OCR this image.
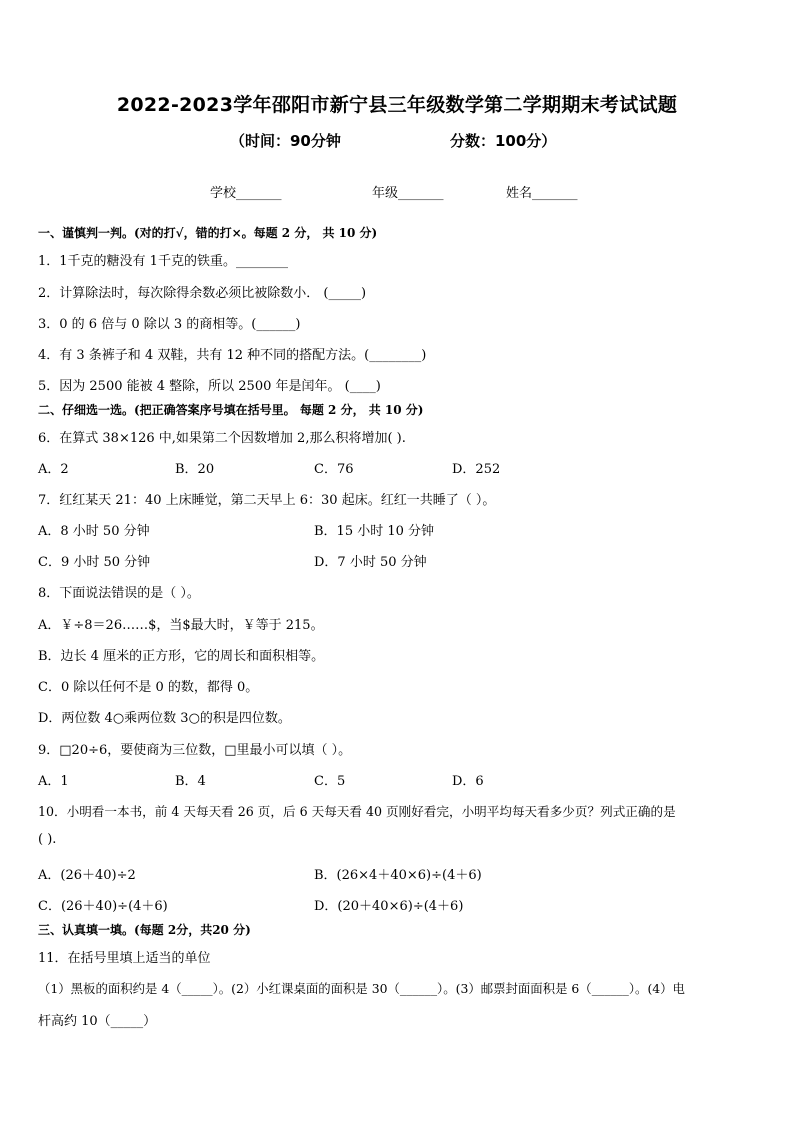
2022-2023学年邵阳市新宁县三年级数学第二学期期末考试试题
（时间：90分钟	分数：100分）
学校_______	年级_______	姓名_______
一、谨慎判一判。(对的打√，错的打×。每题 2 分， 共 10 分)
1．1千克的糖没有 1千克的铁重。________
2．计算除法时，每次除得余数必须比被除数小． (_____)
3．0 的 6 倍与 0 除以 3 的商相等。(______)
4．有 3 条裤子和 4 双鞋，共有 12 种不同的搭配方法。(________)
5．因为 2500 能被 4 整除，所以 2500 年是闰年。 (____)
二、仔细选一选。(把正确答案序号填在括号里。 每题 2 分， 共 10 分)
6．在算式 38×126 中,如果第二个因数增加 2,那么积将增加( ).
A．2	B．20	C．76	D．252
7．红红某天 21：40 上床睡觉，第二天早上 6：30 起床。红红一共睡了（ ）。
A．8 小时 50 分钟	B．15 小时 10 分钟
C．9 小时 50 分钟	D．7 小时 50 分钟
8．下面说法错误的是（ ）。
A．￥÷8＝26……$，当$最大时，￥等于 215。
B．边长 4 厘米的正方形，它的周长和面积相等。
C．0 除以任何不是 0 的数，都得 0。
D．两位数 4○乘两位数 3○的积是四位数。
9．□20÷6，要使商为三位数，□里最小可以填（ ）。
A．1	B．4	C．5	D．6
10．小明看一本书，前 4 天每天看 26 页，后 6 天每天看 40 页刚好看完，小明平均每天看多少页？列式正确的是
( ).
A．(26＋40)÷2	B．(26×4＋40×6)÷(4＋6)
C．(26＋40)÷(4＋6)	D．(20＋40×6)÷(4＋6)
三、认真填一填。(每题 2分，共20 分)
11．在括号里填上适当的单位
（1）黑板的面积约是 4（_____）。(2）小红课桌面的面积是 30（______）。(3）邮票封面面积是 6（______）。(4）电
杆高约 10（_____）
